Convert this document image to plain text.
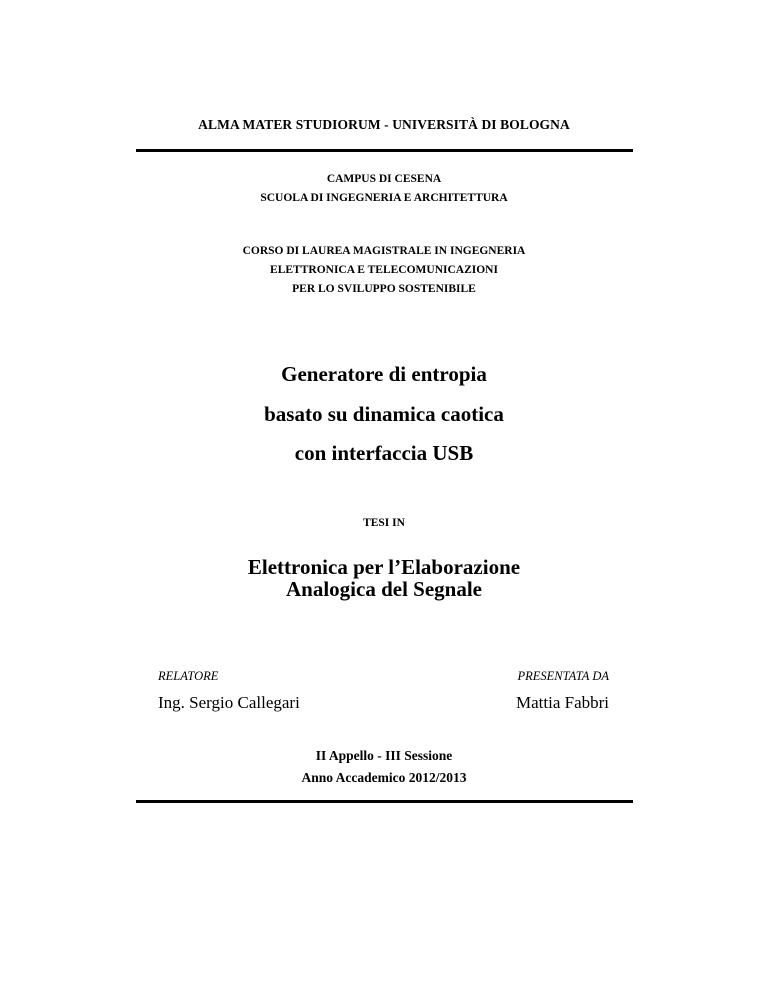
ALMA MATER STUDIORUM - UNIVERSITÀ DI BOLOGNA
CAMPUS DI CESENA
SCUOLA DI INGEGNERIA E ARCHITETTURA
CORSO DI LAUREA MAGISTRALE IN INGEGNERIA
ELETTRONICA E TELECOMUNICAZIONI
PER LO SVILUPPO SOSTENIBILE
Generatore di entropia
basato su dinamica caotica
con interfaccia USB
TESI IN
Elettronica per l’Elaborazione
Analogica del Segnale
RELATORE
Ing. Sergio Callegari
PRESENTATA DA
Mattia Fabbri
II Appello - III Sessione
Anno Accademico 2012/2013
